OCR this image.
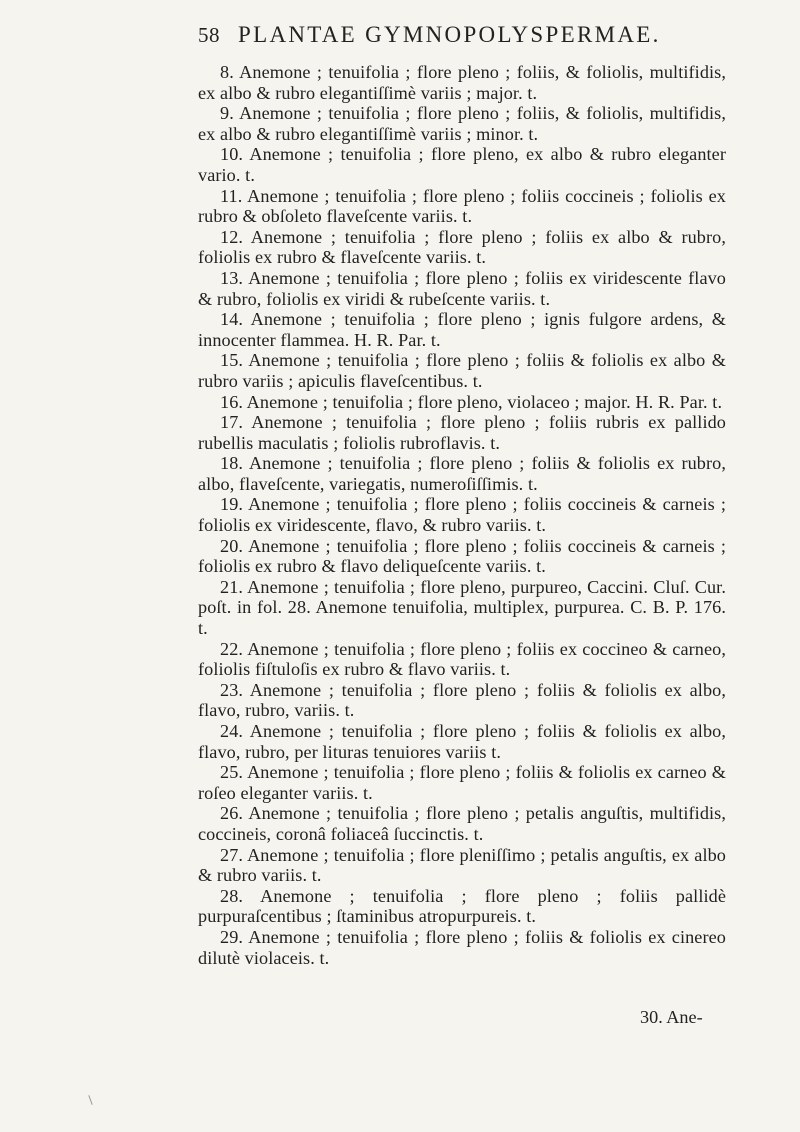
58 PLANTAE GYMNOPOLYSPERMAE.

8. Anemone ; tenuifolia ; flore pleno ; foliis, & foliolis, multifidis, ex albo & rubro elegantiſſimè variis ; major. t.

9. Anemone ; tenuifolia ; flore pleno ; foliis, & foliolis, multifidis, ex albo & rubro elegantiſſimè variis ; minor. t.

10. Anemone ; tenuifolia ; flore pleno, ex albo & rubro eleganter vario. t.

11. Anemone ; tenuifolia ; flore pleno ; foliis coccineis ; foliolis ex rubro & obſoleto flaveſcente variis. t.

12. Anemone ; tenuifolia ; flore pleno ; foliis ex albo & rubro, foliolis ex rubro & flaveſcente variis. t.

13. Anemone ; tenuifolia ; flore pleno ; foliis ex viridescente flavo & rubro, foliolis ex viridi & rubeſcente variis. t.

14. Anemone ; tenuifolia ; flore pleno ; ignis fulgore ardens, & innocenter flammea. H. R. Par. t.

15. Anemone ; tenuifolia ; flore pleno ; foliis & foliolis ex albo & rubro variis ; apiculis flaveſcentibus. t.

16. Anemone ; tenuifolia ; flore pleno, violaceo ; major. H. R. Par. t.

17. Anemone ; tenuifolia ; flore pleno ; foliis rubris ex pallido rubellis maculatis ; foliolis rubroflavis. t.

18. Anemone ; tenuifolia ; flore pleno ; foliis & foliolis ex rubro, albo, flaveſcente, variegatis, numeroſiſſimis. t.

19. Anemone ; tenuifolia ; flore pleno ; foliis coccineis & carneis ; foliolis ex viridescente, flavo, & rubro variis. t.

20. Anemone ; tenuifolia ; flore pleno ; foliis coccineis & carneis ; foliolis ex rubro & flavo deliqueſcente variis. t.

21. Anemone ; tenuifolia ; flore pleno, purpureo, Caccini. Cluſ. Cur. poſt. in fol. 28. Anemone tenuifolia, multiplex, purpurea. C. B. P. 176. t.

22. Anemone ; tenuifolia ; flore pleno ; foliis ex coccineo & carneo, foliolis fiſtuloſis ex rubro & flavo variis. t.

23. Anemone ; tenuifolia ; flore pleno ; foliis & foliolis ex albo, flavo, rubro, variis. t.

24. Anemone ; tenuifolia ; flore pleno ; foliis & foliolis ex albo, flavo, rubro, per lituras tenuiores variis t.

25. Anemone ; tenuifolia ; flore pleno ; foliis & foliolis ex carneo & roſeo eleganter variis. t.

26. Anemone ; tenuifolia ; flore pleno ; petalis anguſtis, multifidis, coccineis, coronâ foliaceâ ſuccinctis. t.

27. Anemone ; tenuifolia ; flore pleniſſimo ; petalis anguſtis, ex albo & rubro variis. t.

28. Anemone ; tenuifolia ; flore pleno ; foliis pallidè purpuraſcentibus ; ſtaminibus atropurpureis. t.

29. Anemone ; tenuifolia ; flore pleno ; foliis & foliolis ex cinereo dilutè violaceis. t.

30. Ane-
